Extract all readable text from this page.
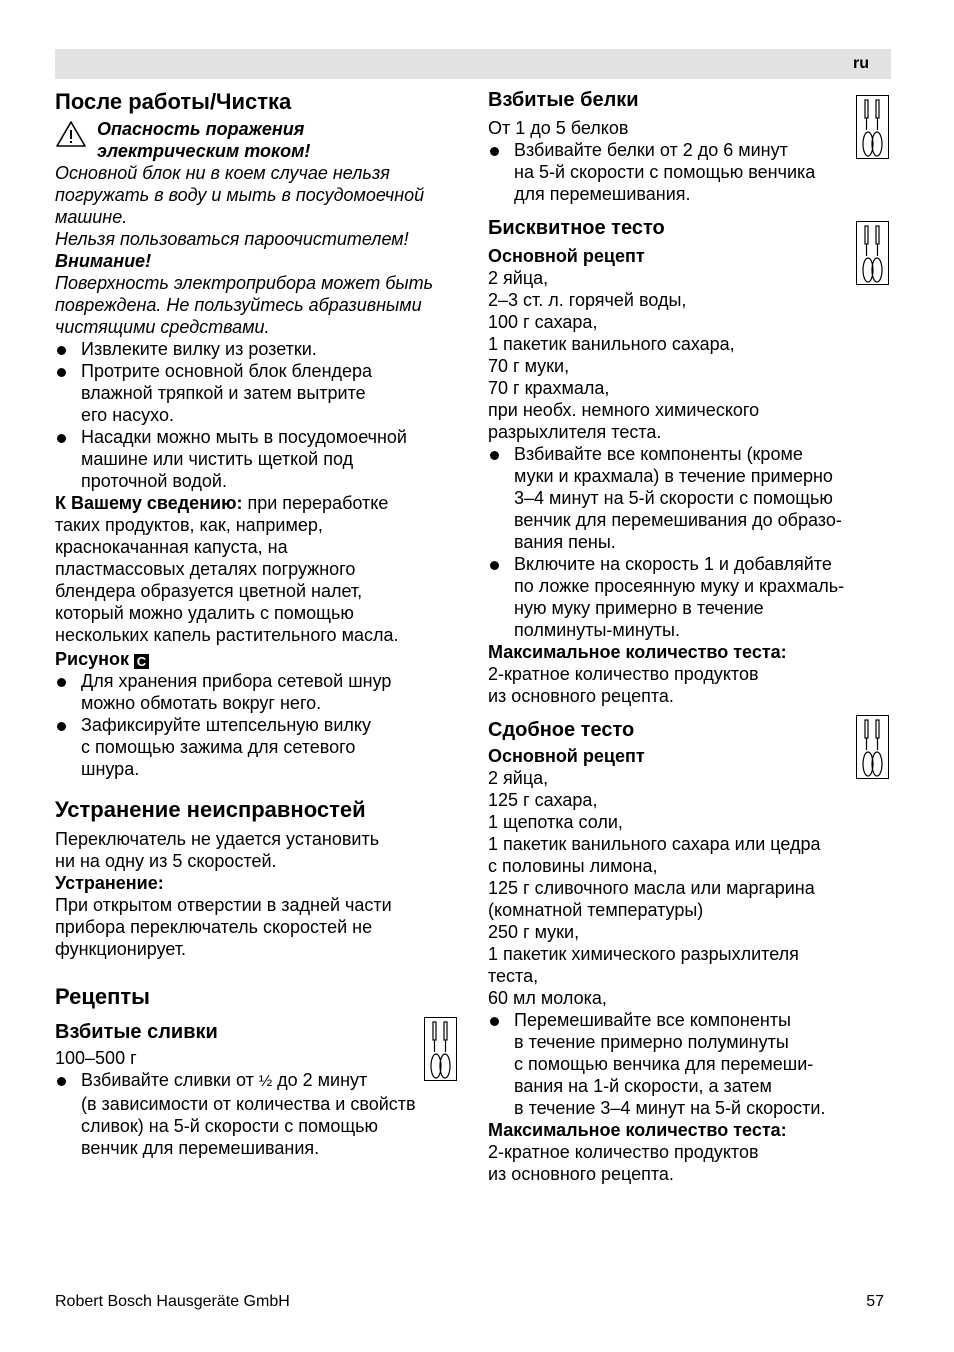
ru
После работы/Чистка

Опасность поражения

электрическим током!

Основной блок ни в коем случае нельзя

погружать в воду и мыть в посудомоечной

машине.

Нельзя пользоваться пароочистителем!

Внимание!

Поверхность электроприбора может быть

повреждена. Не пользуйтесь абразивными

чистящими средствами.

Извлеките вилку из розетки.
Протрите основной блок блендера
влажной тряпкой и затем вытрите
его насухо.
Насадки можно мыть в посудомоечной
машине или чистить щеткой под
проточной водой.

К Вашему сведению: при переработке

таких продуктов, как, например,

краснокачанная капуста, на

пластмассовых деталях погружного

блендера образуется цветной налет,

который можно удалить с помощью

нескольких капель растительного масла.

Рисунок C

Для хранения прибора сетевой шнур
можно обмотать вокруг него.
Зафиксируйте штепсельную вилку
с помощью зажима для сетевого
шнура.
Устранение неисправностей

Переключатель не удается установить

ни на одну из 5 скоростей.

Устранение:

При открытом отверстии в задней части

прибора переключатель скоростей не

функционирует.

Рецепты
Взбитые сливки

100–500 г

Взбивайте сливки от ½ до 2 минут
(в зависимости от количества и свойств
сливок) на 5-й скорости с помощью
венчик для перемешивания.
Взбитые белки

От 1 до 5 белков

Взбивайте белки от 2 до 6 минут
на 5-й скорости с помощью венчика
для перемешивания.
Бисквитное тесто

Основной рецепт

2 яйца,

2–3 ст. л. горячей воды,

100 г сахара,

1 пакетик ванильного сахара,

70 г муки,

70 г крахмала,

при необх. немного химического

разрыхлителя теста.

Взбивайте все компоненты (кроме
муки и крахмала) в течение примерно
3–4 минут на 5-й скорости с помощью
венчик для перемешивания до образо-
вания пены.
Включите на скорость 1 и добавляйте
по ложке просеянную муку и крахмаль-
ную муку примерно в течение
полминуты-минуты.

Максимальное количество теста:

2-кратное количество продуктов

из основного рецепта.

Сдобное тесто

Основной рецепт

2 яйца,

125 г сахара,

1 щепотка соли,

1 пакетик ванильного сахара или цедра

с половины лимона,

125 г сливочного масла или маргарина

(комнатной температуры)

250 г муки,

1 пакетик химического разрыхлителя

теста,

60 мл молока,

Перемешивайте все компоненты
в течение примерно полуминуты
с помощью венчика для перемеши-
вания на 1-й скорости, а затем
в течение 3–4 минут на 5-й скорости.

Максимальное количество теста:

2-кратное количество продуктов

из основного рецепта.

Robert Bosch Hausgeräte GmbH	57
